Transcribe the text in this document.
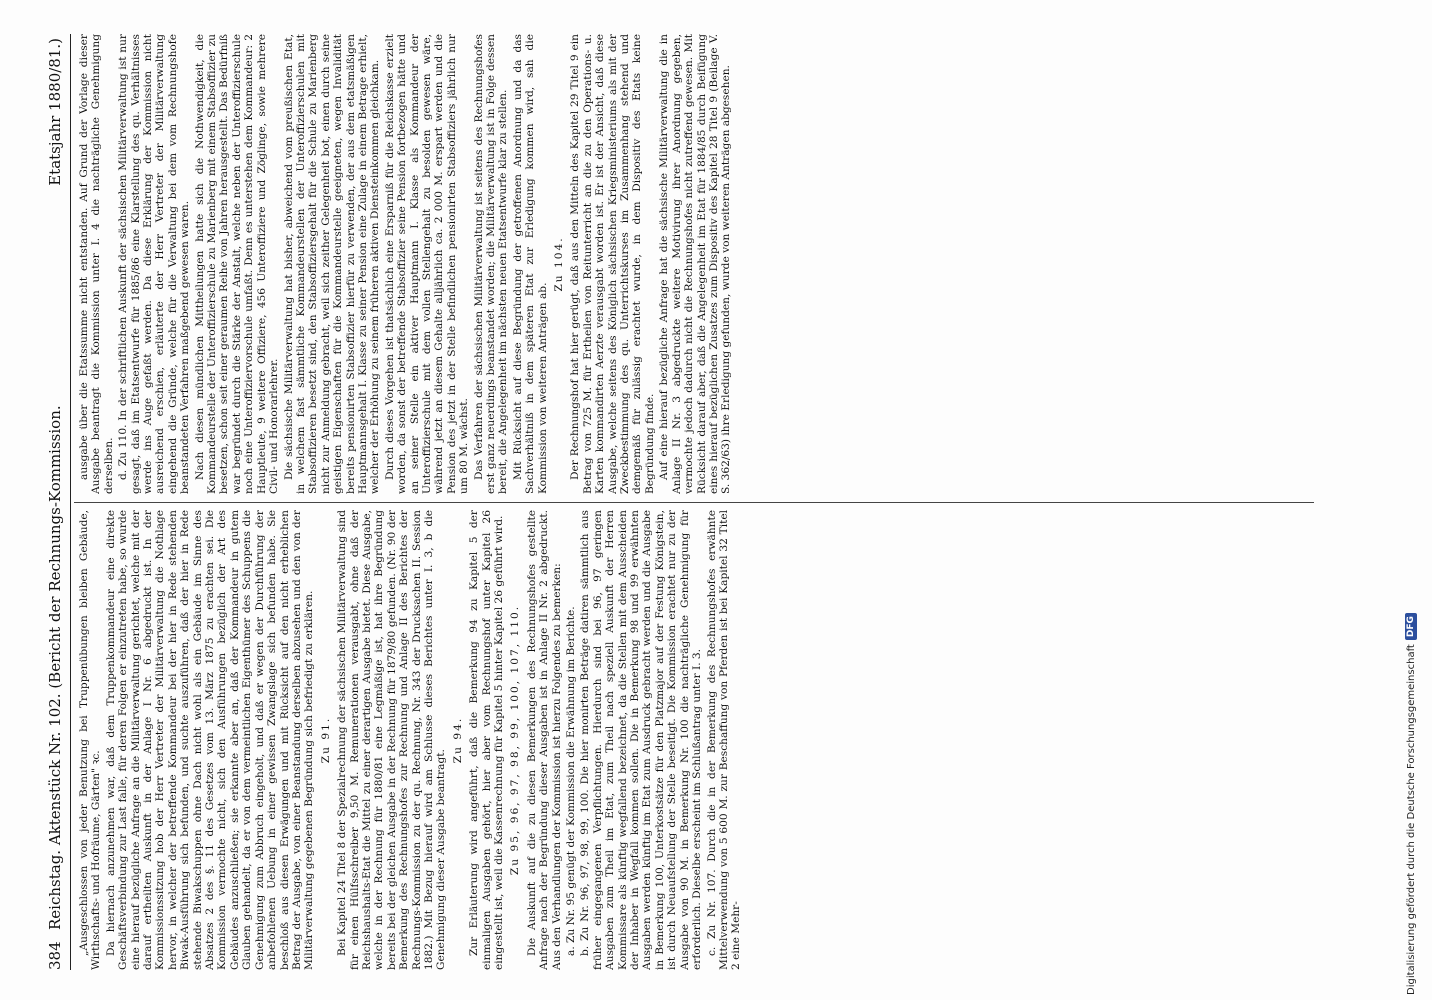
384
Reichstag. Aktenstück Nr. 102. (Bericht der Rechnungs-Kommission.
Etatsjahr 1880/81.)

„Ausgeschlossen von jeder Benutzung bei Truppenübungen bleiben Gebäude, Wirthschafts- und Hofräume, Gärten" ꝛc. Da hiernach anzunehmen war, daß dem Truppenkommandeur eine direkte Geschäftsverbindung zur Last falle, für deren Folgen er einzutreten habe, so wurde eine hierauf bezügliche Anfrage an die Militärverwaltung gerichtet, welche mit der darauf ertheilten Auskunft in der Anlage I Nr. 6 abgedruckt ist. In der Kommissionssitzung hob der Herr Vertreter der Militärverwaltung die Nothlage hervor, in welcher der betreffende Kommandeur bei der hier in Rede stehenden Biwak-Ausführung sich befunden, und suchte auszuführen, daß der hier in Rede stehende Biwakschuppen ohne Dach nicht wohl als ein Gebäude im Sinne des Absatzes 2 des §. 11 des Gesetzes vom 13. März 1875 zu erachten sei. Die Kommission vermochte nicht, sich den Ausführungen bezüglich der Art des Gebäudes anzuschließen; sie erkannte aber an, daß der Kommandeur in gutem Glauben gehandelt, da er von dem vermeintlichen Eigenthümer des Schuppens die Genehmigung zum Abbruch eingeholt, und daß er wegen der Durchführung der anbefohlenen Uebung in einer gewissen Zwangslage sich befunden habe. Sie beschloß aus diesen Erwägungen und mit Rücksicht auf den nicht erheblichen Betrag der Ausgabe, von einer Beanstandung derselben abzusehen und den von der Militärverwaltung gegebenen Begründung sich befriedigt zu erklären. Zu 91. Bei Kapitel 24 Titel 8 der Spezialrechnung der sächsischen Militärverwaltung sind für einen Hülfsschreiber 9,50 M. Remunerationen verausgabt, ohne daß der Reichshaushalts-Etat die Mittel zu einer derartigen Ausgabe bietet. Diese Ausgabe, welche in der Rechnung für 1880/81 eine Legmäßige ist, hat ihre Begründung bereits bei der gleichen Ausgabe in der Rechnung für 1879/80 gefunden. (Nr. 90 der Bemerkung des Rechnungshofes zur Rechnung und Anlage II des Berichtes der Rechnungs-Kommission zu der qu. Rechnung, Nr. 343 der Drucksachen II. Session 1882.) Mit Bezug hierauf wird am Schlusse dieses Berichtes unter I. 3, b die Genehmigung dieser Ausgabe beantragt.

Zu 94. Zur Erläuterung wird angeführt, daß die Bemerkung 94 zu Kapitel 5 der einmaligen Ausgaben gehört, hier aber vom Rechnungshof unter Kapitel 26 eingestellt ist, weil die Kassenrechnung für Kapitel 5 hinter Kapitel 26 geführt wird. Zu 95, 96, 97, 98, 99, 100, 107, 110. Die Auskunft auf die zu diesen Bemerkungen des Rechnungshofes gestellte Anfrage nach der Begründung dieser Ausgaben ist in Anlage II Nr. 2 abgedruckt. Aus den Verhandlungen der Kommission ist hierzu Folgendes zu bemerken: a. Zu Nr. 95 genügt der Kommission die Erwähnung im Berichte. b. Zu Nr. 96, 97, 98, 99, 100. Die hier monirten Beträge datiren sämmtlich aus früher eingegangenen Verpflichtungen. Hierdurch sind bei 96, 97 geringen Ausgaben zum Theil im Etat, zum Theil nach speziell Auskunft der Herren Kommissare als künftig wegfallend bezeichnet, da die Stellen mit dem Ausscheiden der Inhaber in Wegfall kommen sollen. Die in Bemerkung 98 und 99 erwähnten Ausgaben werden künftig im Etat zum Ausdruck gebracht werden und die Ausgabe in Bemerkung 100, Unterkostsätze für den Platzmajor auf der Festung Königstein, ist durch Neuaufstellung der Stelle beseitigt. Die Kommission erachtet nur zu der Ausgabe von 90 M. in Bemerkung Nr. 100 die nachträgliche Genehmigung für erforderlich. Dieselbe erscheint im Schlußantrag unter I. 3. c. Zu Nr. 107. Durch die in der Bemerkung des Rechnungshofes erwähnte Mittelverwendung von 5 600 M. zur Beschaffung von Pferden ist bei Kapitel 32 Titel 2 eine Mehr-

ausgabe über die Etatssumme nicht entstanden. Auf Grund der Vorlage dieser Ausgabe beantragt die Kommission unter I. 4 die nachträgliche Genehmigung derselben. d. Zu 110. In der schriftlichen Auskunft der sächsischen Militärverwaltung ist nur gesagt, daß im Etatsentwurfe für 1885/86 eine Klarstellung des qu. Verhältnisses werde ins Auge gefaßt werden. Da diese Erklärung der Kommission nicht ausreichend erschien, erläuterte der Herr Vertreter der Militärverwaltung eingehend die Gründe, welche für die Verwaltung bei dem vom Rechnungshofe beanstandeten Verfahren maßgebend gewesen waren. Nach diesen mündlichen Mittheilungen hatte sich die Nothwendigkeit, die Kommandeurstelle der Unteroffizierschule zu Marienberg mit einem Stabsoffizier zu besetzen, schon seit einer geraumen Reihe von Jahren herausgestellt. Das Bedürfniß war begründet durch die Stärke der Anstalt, welche neben der Unteroffizierschule noch eine Unteroffiziervorschule umfaßt. Denn es unterstehen dem Kommandeur: 2 Hauptleute, 9 weitere Offiziere, 456 Unteroffiziere und Zöglinge, sowie mehrere Civil- und Honorarlehrer. Die sächsische Militärverwaltung hat bisher, abweichend vom preußischen Etat, in welchem fast sämmtliche Kommandeurstellen der Unteroffizierschulen mit Stabsoffizieren besetzt sind, den Stabsoffiziersgehalt für die Schule zu Marienberg nicht zur Anmeldung gebracht, weil sich zeither Gelegenheit bot, einen durch seine geistigen Eigenschaften für die Kommandeurstelle geeigneten, wegen Invalidität bereits pensionirten Stabsoffizier hierfür zu verwenden, der aus dem etatsmäßigen Hauptmannsgehalt I. Klasse zu seiner Pension eine Zulage in einem Betrage erhielt, welcher der Erhöhung zu seinem früheren aktiven Diensteinkommen gleichkam. Durch dieses Vorgehen ist thatsächlich eine Ersparniß für die Reichskasse erzielt worden, da sonst der betreffende Stabsoffizier seine Pension fortbezogen hätte und an seiner Stelle ein aktiver Hauptmann I. Klasse als Kommandeur der Unteroffizierschule mit dem vollen Stellengehalt zu besolden gewesen wäre, während jetzt an diesem Gehalte alljährlich ca. 2 000 M. erspart werden und die Pension des jetzt in der Stelle befindlichen pensionirten Stabsoffiziers jährlich nur um 80 M. wächst. Das Verfahren der sächsischen Militärverwaltung ist seitens des Rechnungshofes erst ganz neuerdings beanstandet worden; die Militärverwaltung ist in Folge dessen bereit, die Angelegenheit im nächsten neuen Etatsentwurfe klar zu stellen. Mit Rücksicht auf diese Begründung der getroffenen Anordnung und da das Sachverhältniß in dem späteren Etat zur Erledigung kommen wird, sah die Kommission von weiteren Anträgen ab.

Zu 104. Der Rechnungshof hat hier gerügt, daß aus den Mitteln des Kapitel 29 Titel 9 ein Betrag von 725 M. für Ertheilen von Reitunterricht an die zu den Operations- u. Karten kommandirten Aerzte verausgabt worden ist. Er ist der Ansicht, daß diese Ausgabe, welche seitens des Königlich sächsischen Kriegsministeriums als mit der Zweckbestimmung des qu. Unterrichtskurses im Zusammenhang stehend und demgemäß für zulässig erachtet wurde, in dem Dispositiv des Etats keine Begründung finde. Auf eine hierauf bezügliche Anfrage hat die sächsische Militärverwaltung die in Anlage II Nr. 3 abgedruckte weitere Motivirung ihrer Anordnung gegeben, vermochte jedoch dadurch nicht die Rechnungshofes nicht zutreffend gewesen. Mit Rücksicht darauf aber, daß die Angelegenheit im Etat für 1884/85 durch Beifügung eines hierauf bezüglichen Zusatzes zum Dispositiv des Kapitel 28 Titel 9 (Beilage V. S. 362/63) ihre Erledigung gefunden, wurde von weiteren Anträgen abgesehen.

Digitalisierung gefördert durch die Deutsche Forschungsgemeinschaft
DFG
